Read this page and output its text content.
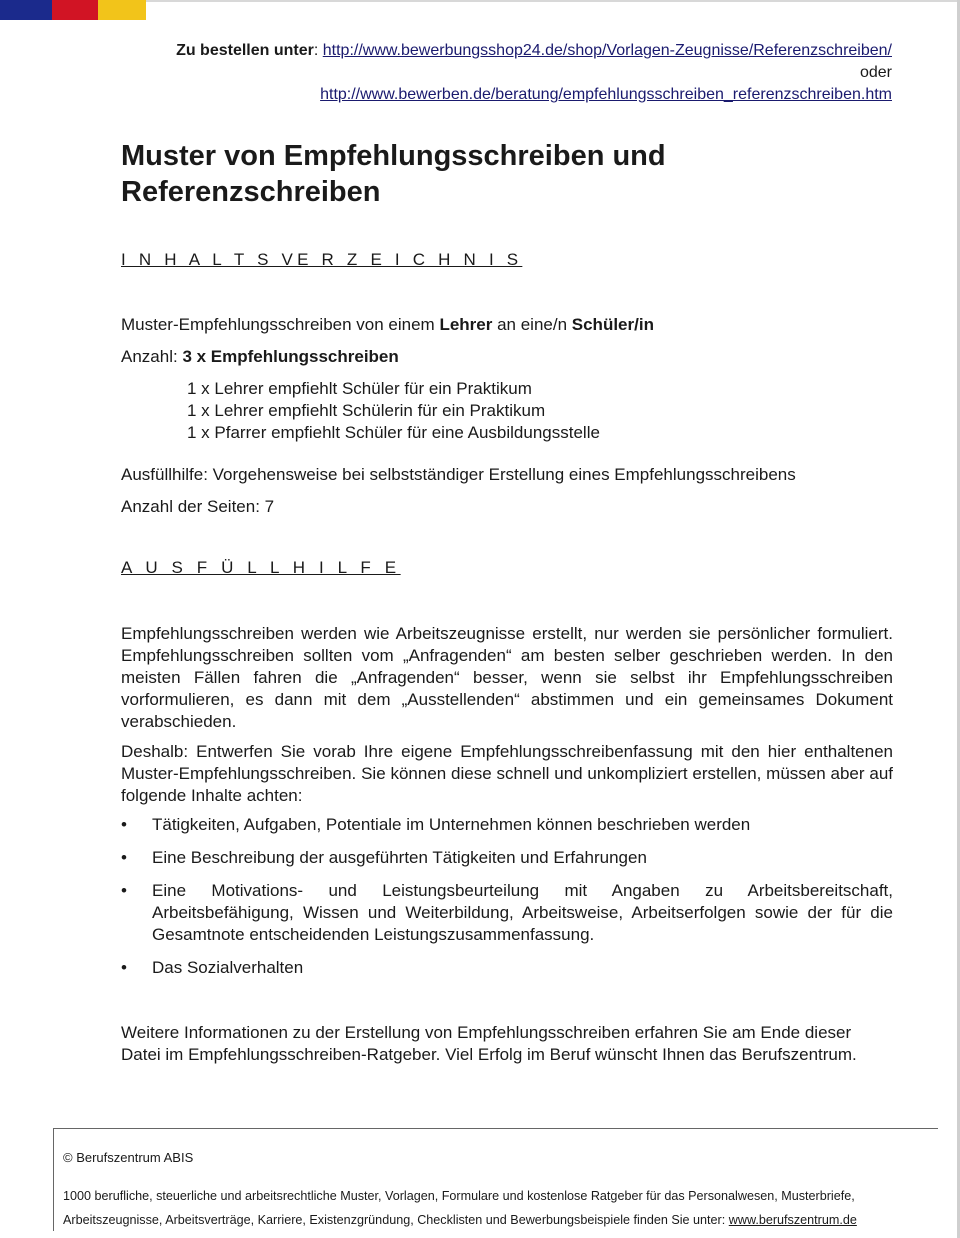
Zu bestellen unter: http://www.bewerbungsshop24.de/shop/Vorlagen-Zeugnisse/Referenzschreiben/
oder
http://www.bewerben.de/beratung/empfehlungsschreiben_referenzschreiben.htm
Muster von Empfehlungsschreiben und
Referenzschreiben
I N H A L T S VE R Z E I C H N I S

Muster-Empfehlungsschreiben von einem Lehrer an eine/n Schüler/in

Anzahl: 3 x Empfehlungsschreiben

1 x Lehrer empfiehlt Schüler für ein Praktikum

1 x Lehrer empfiehlt Schülerin für ein Praktikum

1 x Pfarrer empfiehlt Schüler für eine Ausbildungsstelle

Ausfüllhilfe: Vorgehensweise bei selbstständiger Erstellung eines Empfehlungsschreibens

Anzahl der Seiten: 7

A U S F Ü L L H I L F E

Empfehlungsschreiben werden wie Arbeitszeugnisse erstellt, nur werden sie persönlicher formuliert. Empfehlungsschreiben sollten vom „Anfragenden“ am besten selber geschrieben werden. In den meisten Fällen fahren die „Anfragenden“ besser, wenn sie selbst ihr Empfehlungsschreiben vorformulieren, es dann mit dem „Ausstellenden“ abstimmen und ein gemeinsames Dokument verabschieden.

Deshalb: Entwerfen Sie vorab Ihre eigene Empfehlungsschreibenfassung mit den hier enthaltenen Muster-Empfehlungsschreiben. Sie können diese schnell und unkompliziert erstellen, müssen aber auf folgende Inhalte achten:

• Tätigkeiten, Aufgaben, Potentiale im Unternehmen können beschrieben werden
• Eine Beschreibung der ausgeführten Tätigkeiten und Erfahrungen
• Eine Motivations- und Leistungsbeurteilung mit Angaben zu Arbeitsbereitschaft, Arbeitsbefähigung, Wissen und Weiterbildung, Arbeitsweise, Arbeitserfolgen sowie der für die Gesamtnote entscheidenden Leistungszusammenfassung.
• Das Sozialverhalten

Weitere Informationen zu der Erstellung von Empfehlungsschreiben erfahren Sie am Ende dieser Datei im Empfehlungsschreiben-Ratgeber. Viel Erfolg im Beruf wünscht Ihnen das Berufszentrum.

© Berufszentrum ABIS
1000 berufliche, steuerliche und arbeitsrechtliche Muster, Vorlagen, Formulare und kostenlose Ratgeber für das Personalwesen, Musterbriefe, Arbeitszeugnisse, Arbeitsverträge, Karriere, Existenzgründung, Checklisten und Bewerbungsbeispiele finden Sie unter: www.berufszentrum.de
